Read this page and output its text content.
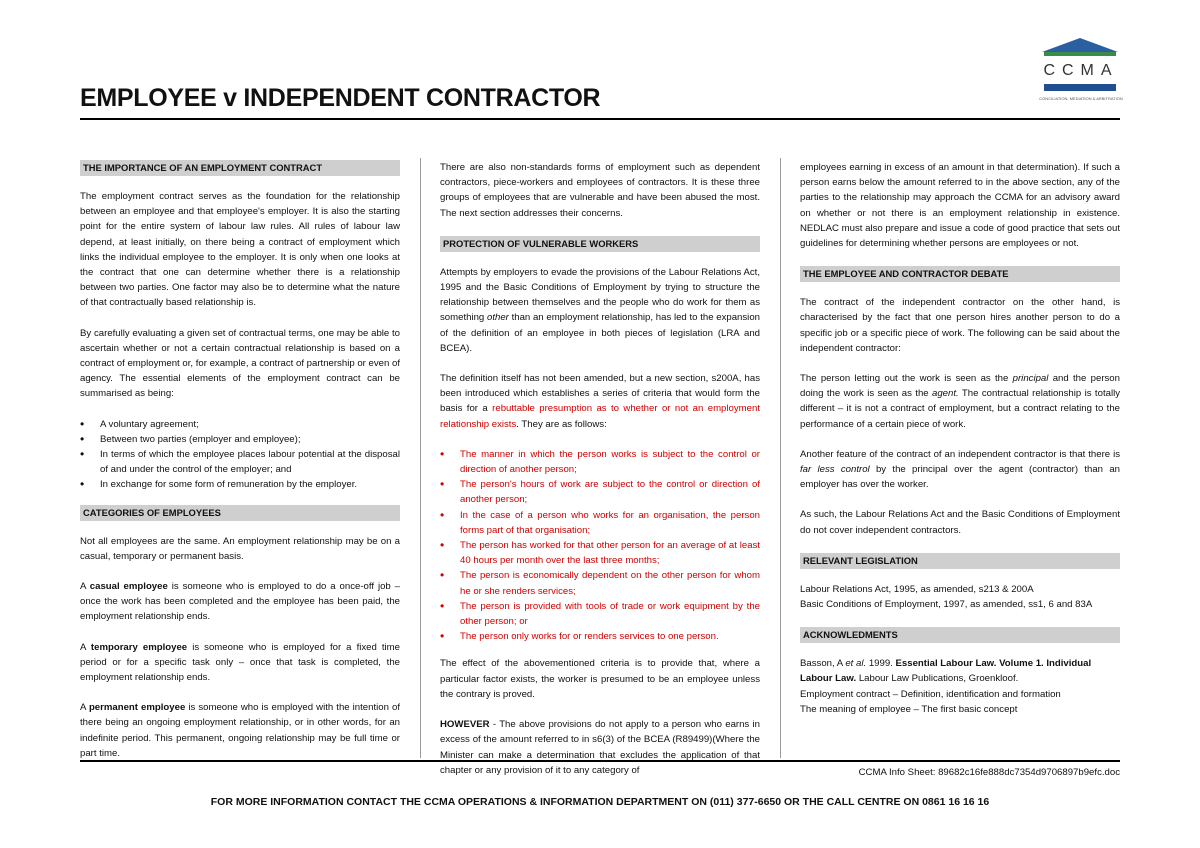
EMPLOYEE v INDEPENDENT CONTRACTOR
CCMA
CONCILIATION, MEDIATION & ARBITRATION
THE IMPORTANCE OF AN EMPLOYMENT CONTRACT

The employment contract serves as the foundation for the relationship between an employee and that employee's employer. It is also the starting point for the entire system of labour law rules. All rules of labour law depend, at least initially, on there being a contract of employment which links the individual employee to the employer. It is only when one looks at the contract that one can determine whether there is a relationship between two parties. One factor may also be to determine what the nature of that contractually based relationship is.

By carefully evaluating a given set of contractual terms, one may be able to ascertain whether or not a certain contractual relationship is based on a contract of employment or, for example, a contract of partnership or even of agency. The essential elements of the employment contract can be summarised as being:

• A voluntary agreement;
• Between two parties (employer and employee);
• In terms of which the employee places labour potential at the disposal of and under the control of the employer; and
• In exchange for some form of remuneration by the employer.
CATEGORIES OF EMPLOYEES

Not all employees are the same. An employment relationship may be on a casual, temporary or permanent basis.

A casual employee is someone who is employed to do a once-off job – once the work has been completed and the employee has been paid, the employment relationship ends.

A temporary employee is someone who is employed for a fixed time period or for a specific task only – once that task is completed, the employment relationship ends.

A permanent employee is someone who is employed with the intention of there being an ongoing employment relationship, or in other words, for an indefinite period. This permanent, ongoing relationship may be full time or part time.

There are also non-standards forms of employment such as dependent contractors, piece-workers and employees of contractors. It is these three groups of employees that are vulnerable and have been abused the most. The next section addresses their concerns.

PROTECTION OF VULNERABLE WORKERS

Attempts by employers to evade the provisions of the Labour Relations Act, 1995 and the Basic Conditions of Employment by trying to structure the relationship between themselves and the people who do work for them as something other than an employment relationship, has led to the expansion of the definition of an employee in both pieces of legislation (LRA and BCEA).

The definition itself has not been amended, but a new section, s200A, has been introduced which establishes a series of criteria that would form the basis for a rebuttable presumption as to whether or not an employment relationship exists. They are as follows:

• The manner in which the person works is subject to the control or direction of another person;
• The person's hours of work are subject to the control or direction of another person;
• In the case of a person who works for an organisation, the person forms part of that organisation;
• The person has worked for that other person for an average of at least 40 hours per month over the last three months;
• The person is economically dependent on the other person for whom he or she renders services;
• The person is provided with tools of trade or work equipment by the other person; or
• The person only works for or renders services to one person.

The effect of the abovementioned criteria is to provide that, where a particular factor exists, the worker is presumed to be an employee unless the contrary is proved.

HOWEVER - The above provisions do not apply to a person who earns in excess of the amount referred to in s6(3) of the BCEA (R89499)(Where the Minister can make a determination that excludes the application of that chapter or any provision of it to any category of

employees earning in excess of an amount in that determination). If such a person earns below the amount referred to in the above section, any of the parties to the relationship may approach the CCMA for an advisory award on whether or not there is an employment relationship in existence. NEDLAC must also prepare and issue a code of good practice that sets out guidelines for determining whether persons are employees or not.

THE EMPLOYEE AND CONTRACTOR DEBATE

The contract of the independent contractor on the other hand, is characterised by the fact that one person hires another person to do a specific job or a specific piece of work. The following can be said about the independent contractor:

The person letting out the work is seen as the principal and the person doing the work is seen as the agent. The contractual relationship is totally different – it is not a contract of employment, but a contract relating to the performance of a certain piece of work.

Another feature of the contract of an independent contractor is that there is far less control by the principal over the agent (contractor) than an employer has over the worker.

As such, the Labour Relations Act and the Basic Conditions of Employment do not cover independent contractors.

RELEVANT LEGISLATION

Labour Relations Act, 1995, as amended, s213 & 200A
Basic Conditions of Employment, 1997, as amended, ss1, 6 and 83A

ACKNOWLEDMENTS

Basson, A et al. 1999. Essential Labour Law. Volume 1. Individual Labour Law. Labour Law Publications, Groenkloof.
Employment contract – Definition, identification and formation
The meaning of employee – The first basic concept

CCMA Info Sheet: 89682c16fe888dc7354d9706897b9efc.doc
FOR MORE INFORMATION CONTACT THE CCMA OPERATIONS & INFORMATION DEPARTMENT ON (011) 377-6650 OR THE CALL CENTRE ON 0861 16 16 16
